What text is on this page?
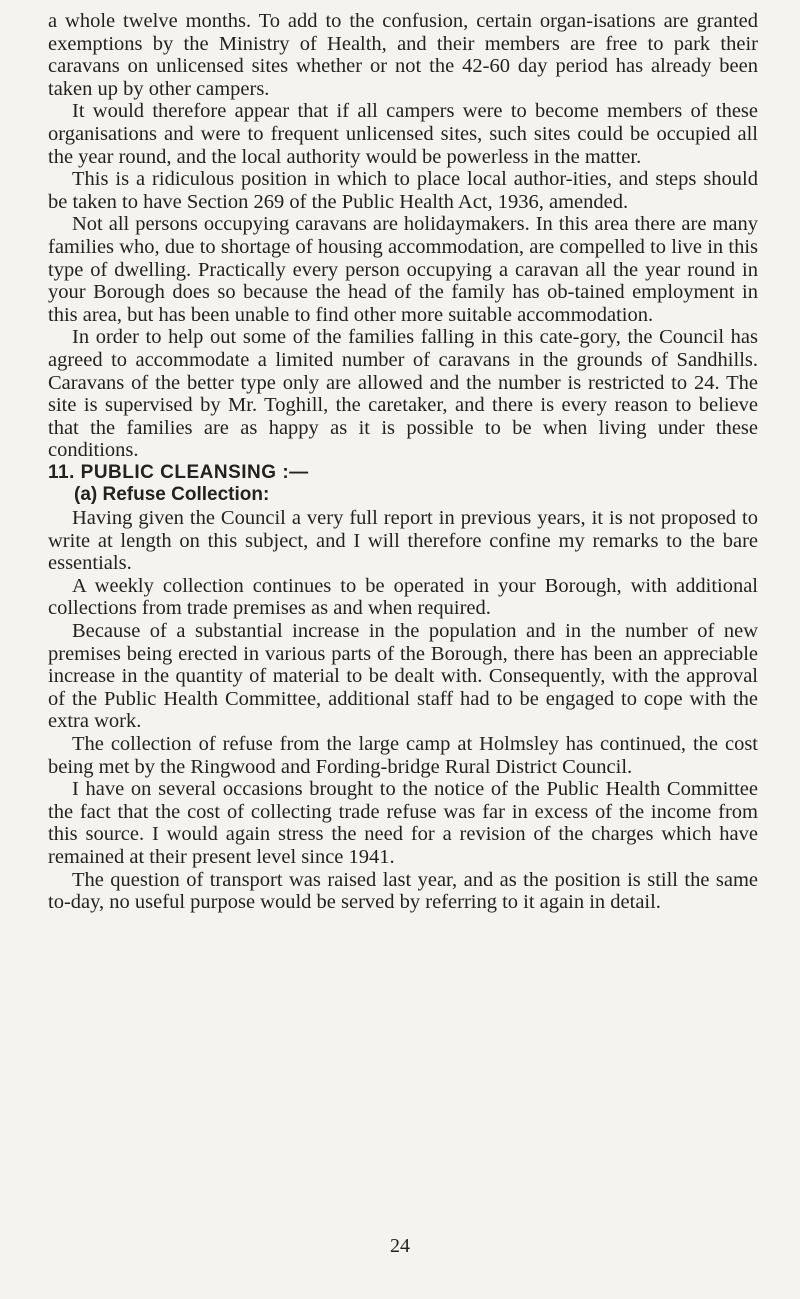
a whole twelve months. To add to the confusion, certain organ-isations are granted exemptions by the Ministry of Health, and their members are free to park their caravans on unlicensed sites whether or not the 42-60 day period has already been taken up by other campers.

It would therefore appear that if all campers were to become members of these organisations and were to frequent unlicensed sites, such sites could be occupied all the year round, and the local authority would be powerless in the matter.

This is a ridiculous position in which to place local author-ities, and steps should be taken to have Section 269 of the Public Health Act, 1936, amended.

Not all persons occupying caravans are holidaymakers. In this area there are many families who, due to shortage of housing accommodation, are compelled to live in this type of dwelling. Practically every person occupying a caravan all the year round in your Borough does so because the head of the family has ob-tained employment in this area, but has been unable to find other more suitable accommodation.

In order to help out some of the families falling in this cate-gory, the Council has agreed to accommodate a limited number of caravans in the grounds of Sandhills. Caravans of the better type only are allowed and the number is restricted to 24. The site is supervised by Mr. Toghill, the caretaker, and there is every reason to believe that the families are as happy as it is possible to be when living under these conditions.

11. PUBLIC CLEANSING :—

(a) Refuse Collection:

Having given the Council a very full report in previous years, it is not proposed to write at length on this subject, and I will therefore confine my remarks to the bare essentials.

A weekly collection continues to be operated in your Borough, with additional collections from trade premises as and when required.

Because of a substantial increase in the population and in the number of new premises being erected in various parts of the Borough, there has been an appreciable increase in the quantity of material to be dealt with. Consequently, with the approval of the Public Health Committee, additional staff had to be engaged to cope with the extra work.

The collection of refuse from the large camp at Holmsley has continued, the cost being met by the Ringwood and Fording-bridge Rural District Council.

I have on several occasions brought to the notice of the Public Health Committee the fact that the cost of collecting trade refuse was far in excess of the income from this source. I would again stress the need for a revision of the charges which have remained at their present level since 1941.

The question of transport was raised last year, and as the position is still the same to-day, no useful purpose would be served by referring to it again in detail.

24
